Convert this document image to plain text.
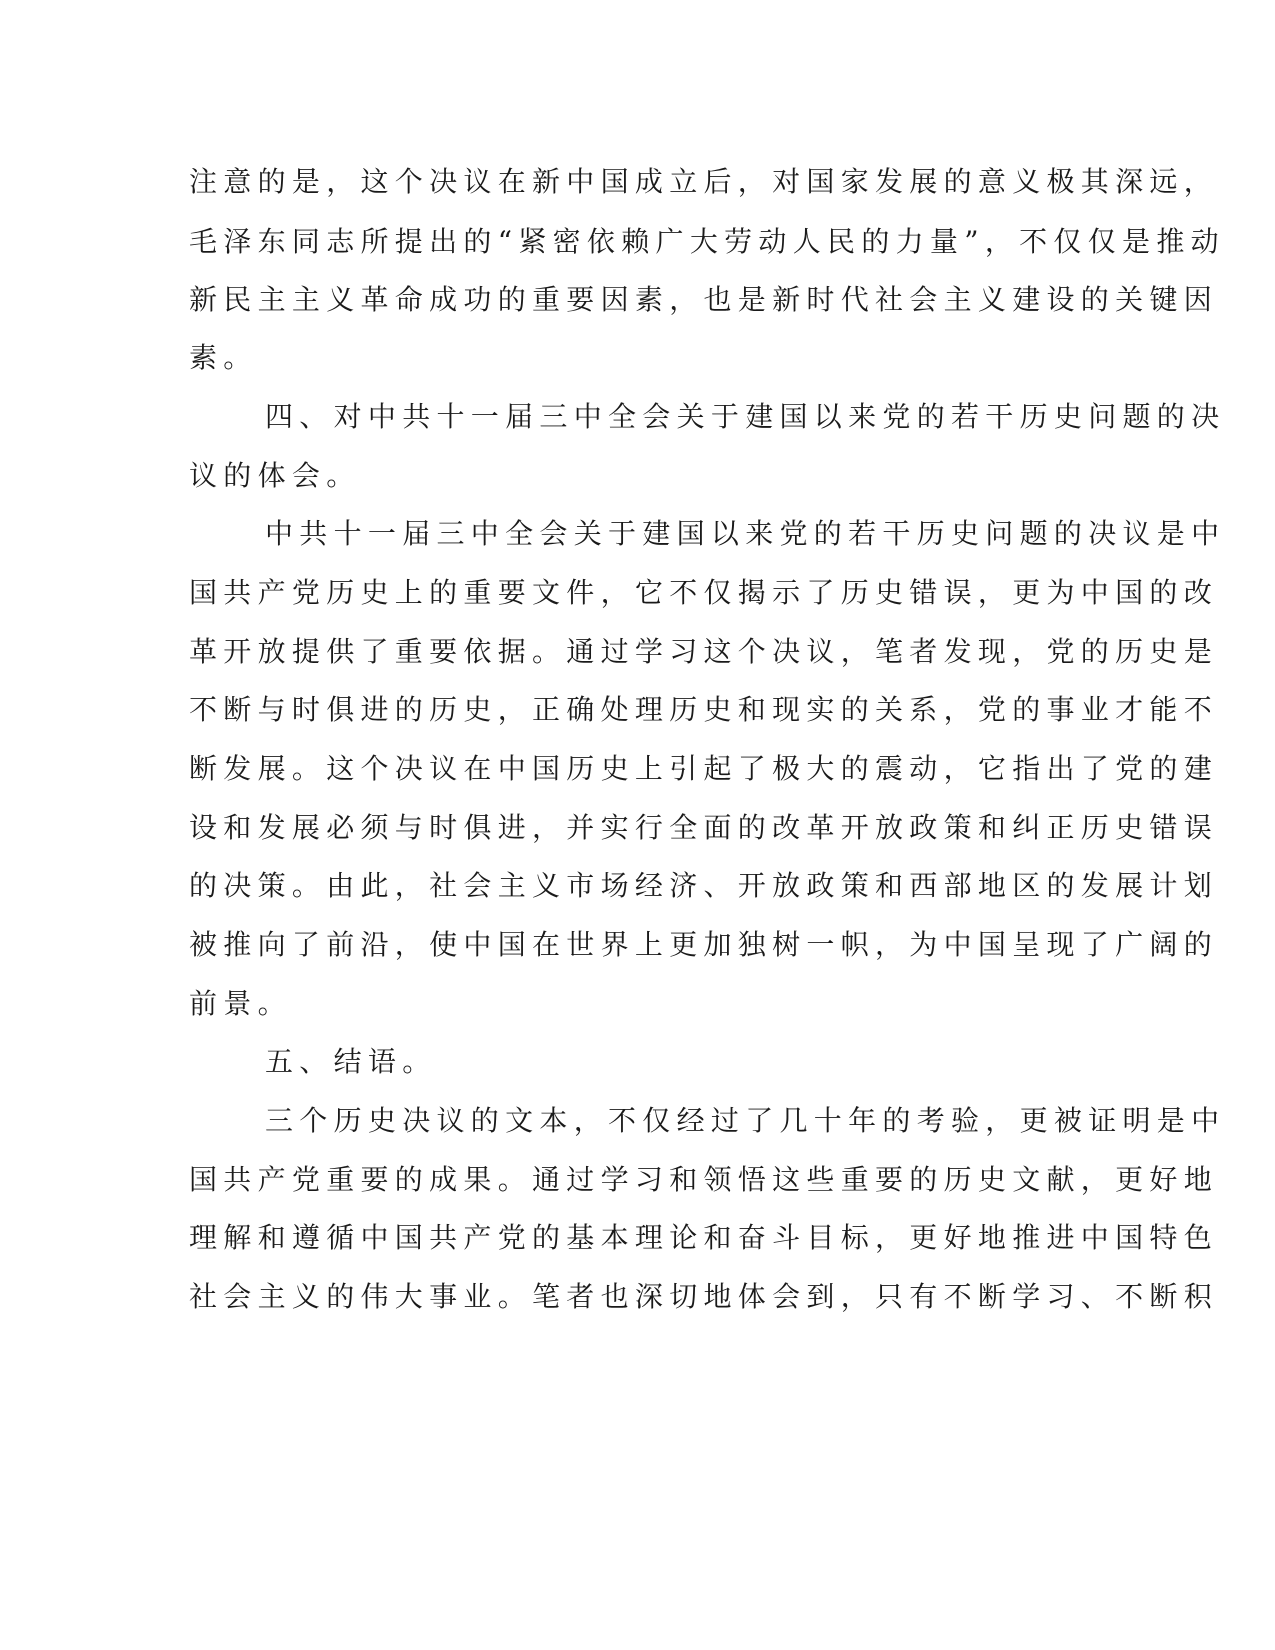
注意的是，这个决议在新中国成立后，对国家发展的意义极其深远，
毛泽东同志所提出的“紧密依赖广大劳动人民的力量”，不仅仅是推动
新民主主义革命成功的重要因素，也是新时代社会主义建设的关键因
素。
四、对中共十一届三中全会关于建国以来党的若干历史问题的决
议的体会。
中共十一届三中全会关于建国以来党的若干历史问题的决议是中
国共产党历史上的重要文件，它不仅揭示了历史错误，更为中国的改
革开放提供了重要依据。通过学习这个决议，笔者发现，党的历史是
不断与时俱进的历史，正确处理历史和现实的关系，党的事业才能不
断发展。这个决议在中国历史上引起了极大的震动，它指出了党的建
设和发展必须与时俱进，并实行全面的改革开放政策和纠正历史错误
的决策。由此，社会主义市场经济、开放政策和西部地区的发展计划
被推向了前沿，使中国在世界上更加独树一帜，为中国呈现了广阔的
前景。
五、结语。
三个历史决议的文本，不仅经过了几十年的考验，更被证明是中
国共产党重要的成果。通过学习和领悟这些重要的历史文献，更好地
理解和遵循中国共产党的基本理论和奋斗目标，更好地推进中国特色
社会主义的伟大事业。笔者也深切地体会到，只有不断学习、不断积
